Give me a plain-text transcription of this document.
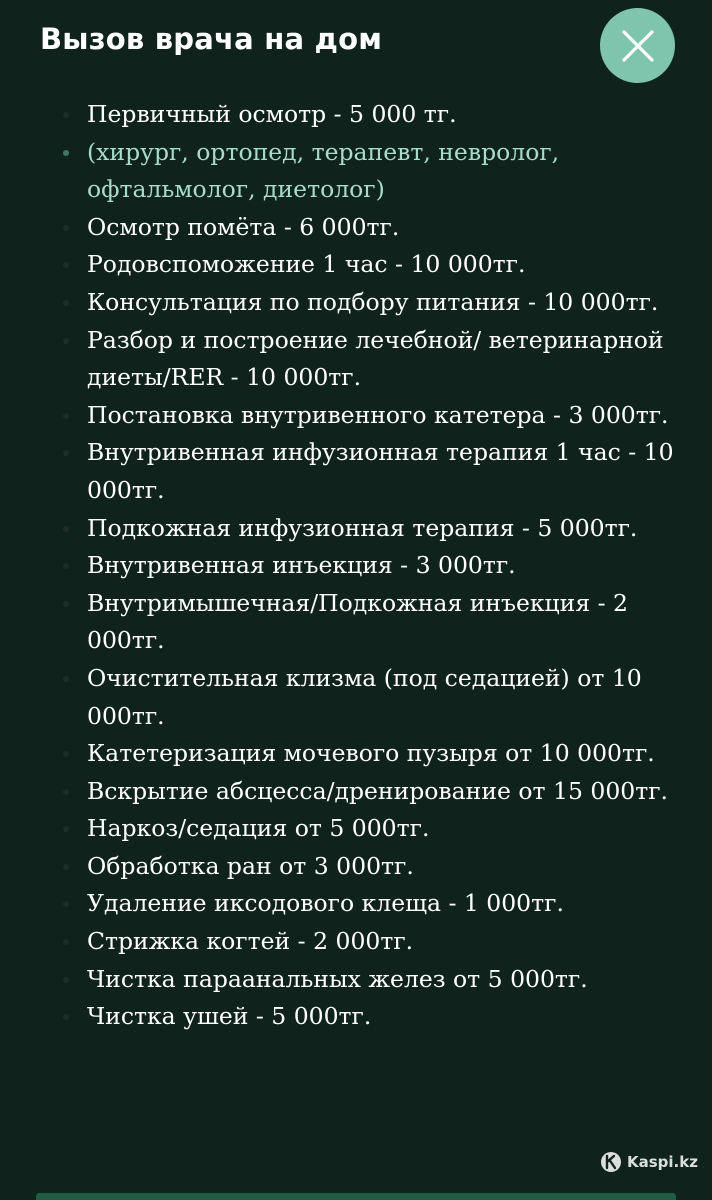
Вызов врача на дом
Первичный осмотр - 5 000 тг.
(хирург, ортопед, терапевт, невролог, офтальмолог, диетолог)
Осмотр помёта - 6 000тг.
Родовспоможение 1 час - 10 000тг.
Консультация по подбору питания - 10 000тг.
Разбор и построение лечебной/ ветеринарной диеты/RER - 10 000тг.
Постановка внутривенного катетера - 3 000тг.
Внутривенная инфузионная терапия 1 час - 10 000тг.
Подкожная инфузионная терапия - 5 000тг.
Внутривенная инъекция - 3 000тг.
Внутримышечная/Подкожная инъекция - 2 000тг.
Очистительная клизма (под седацией) от 10 000тг.
Катетеризация мочевого пузыря от 10 000тг.
Вскрытие абсцесса/дренирование от 15 000тг.
Наркоз/седация от 5 000тг.
Обработка ран от 3 000тг.
Удаление иксодового клеща - 1 000тг.
Стрижка когтей - 2 000тг.
Чистка параанальных желез от 5 000тг.
Чистка ушей - 5 000тг.
Kaspi.kz
